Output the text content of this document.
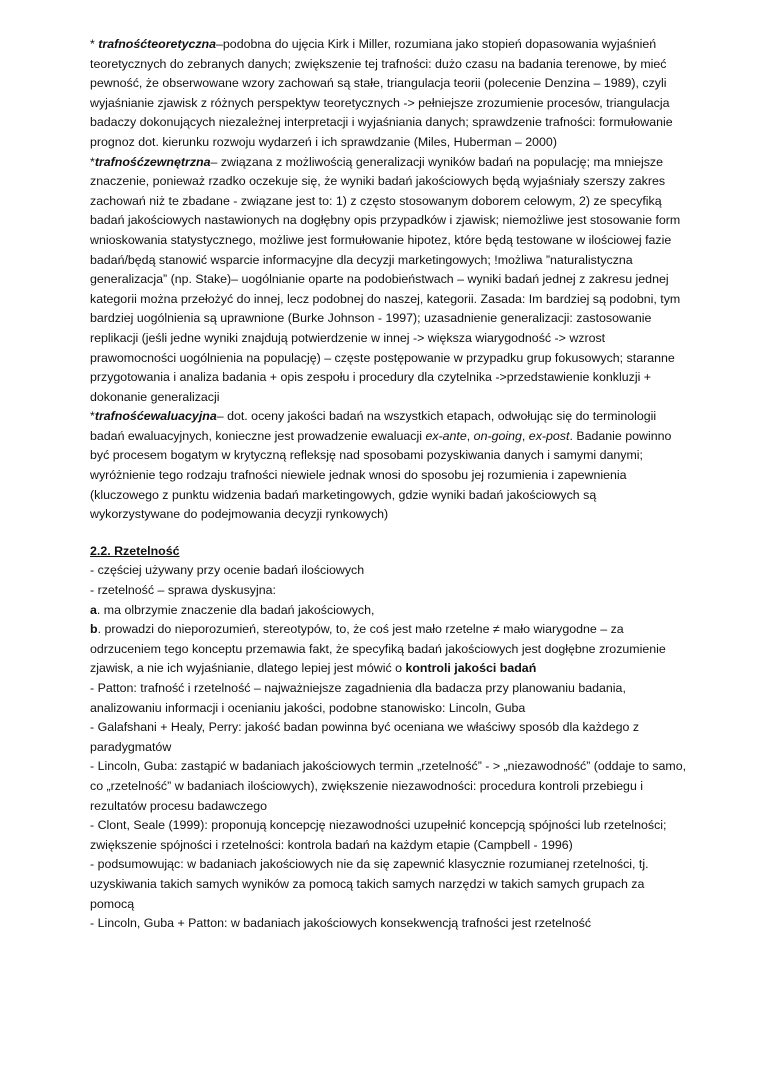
* trafnośćteoretyczna–podobna do ujęcia Kirk i Miller, rozumiana jako stopień dopasowania wyjaśnień teoretycznych do zebranych danych; zwiększenie tej trafności: dużo czasu na badania terenowe, by mieć pewność, że obserwowane wzory zachowań są stałe, triangulacja teorii (polecenie Denzina – 1989), czyli wyjaśnianie zjawisk z różnych perspektyw teoretycznych -> pełniejsze zrozumienie procesów, triangulacja badaczy dokonujących niezależnej interpretacji i wyjaśniania danych; sprawdzenie trafności: formułowanie prognoz dot. kierunku rozwoju wydarzeń i ich sprawdzanie (Miles, Huberman – 2000)

*trafnośćzewnętrzna– związana z możliwością generalizacji wyników badań na populację; ma mniejsze znaczenie, ponieważ rzadko oczekuje się, że wyniki badań jakościowych będą wyjaśniały szerszy zakres zachowań niż te zbadane - związane jest to: 1) z często stosowanym doborem celowym, 2) ze specyfiką badań jakościowych nastawionych na dogłębny opis przypadków i zjawisk; niemożliwe jest stosowanie form wnioskowania statystycznego, możliwe jest formułowanie hipotez, które będą testowane w ilościowej fazie badań/będą stanowić wsparcie informacyjne dla decyzji marketingowych; !możliwa ”naturalistyczna generalizacja” (np. Stake)– uogólnianie oparte na podobieństwach – wyniki badań jednej z zakresu jednej kategorii można przełożyć do innej, lecz podobnej do naszej, kategorii. Zasada: Im bardziej są podobni, tym bardziej uogólnienia są uprawnione (Burke Johnson - 1997); uzasadnienie generalizacji: zastosowanie replikacji (jeśli jedne wyniki znajdują potwierdzenie w innej -> większa wiarygodność -> wzrost prawomocności uogólnienia na populację) – częste postępowanie w przypadku grup fokusowych; staranne przygotowania i analiza badania + opis zespołu i procedury dla czytelnika ->przedstawienie konkluzji + dokonanie generalizacji

*trafnośćewaluacyjna– dot. oceny jakości badań na wszystkich etapach, odwołując się do terminologii badań ewaluacyjnych, konieczne jest prowadzenie ewaluacji ex-ante, on-going, ex-post. Badanie powinno być procesem bogatym w krytyczną refleksję nad sposobami pozyskiwania danych i samymi danymi; wyróżnienie tego rodzaju trafności niewiele jednak wnosi do sposobu jej rozumienia i zapewnienia (kluczowego z punktu widzenia badań marketingowych, gdzie wyniki badań jakościowych są wykorzystywane do podejmowania decyzji rynkowych)

2.2. Rzetelność

- częściej używany przy ocenie badań ilościowych

- rzetelność – sprawa dyskusyjna:

a. ma olbrzymie znaczenie dla badań jakościowych,

b. prowadzi do nieporozumień, stereotypów, to, że coś jest mało rzetelne ≠ mało wiarygodne – za odrzuceniem tego konceptu przemawia fakt, że specyfiką badań jakościowych jest dogłębne zrozumienie zjawisk, a nie ich wyjaśnianie, dlatego lepiej jest mówić o kontroli jakości badań

- Patton: trafność i rzetelność – najważniejsze zagadnienia dla badacza przy planowaniu badania, analizowaniu informacji i ocenianiu jakości, podobne stanowisko: Lincoln, Guba

- Galafshani + Healy, Perry: jakość badan powinna być oceniana we właściwy sposób dla każdego z paradygmatów

- Lincoln, Guba: zastąpić w badaniach jakościowych termin „rzetelność” - > „niezawodność” (oddaje to samo, co „rzetelność” w badaniach ilościowych), zwiększenie niezawodności: procedura kontroli przebiegu i rezultatów procesu badawczego

- Clont, Seale (1999): proponują koncepcję niezawodności uzupełnić koncepcją spójności lub rzetelności; zwiększenie spójności i rzetelności: kontrola badań na każdym etapie (Campbell - 1996)

- podsumowując: w badaniach jakościowych nie da się zapewnić klasycznie rozumianej rzetelności, tj. uzyskiwania takich samych wyników za pomocą takich samych narzędzi w takich samych grupach za pomocą

- Lincoln, Guba + Patton: w badaniach jakościowych konsekwencją trafności jest rzetelność
